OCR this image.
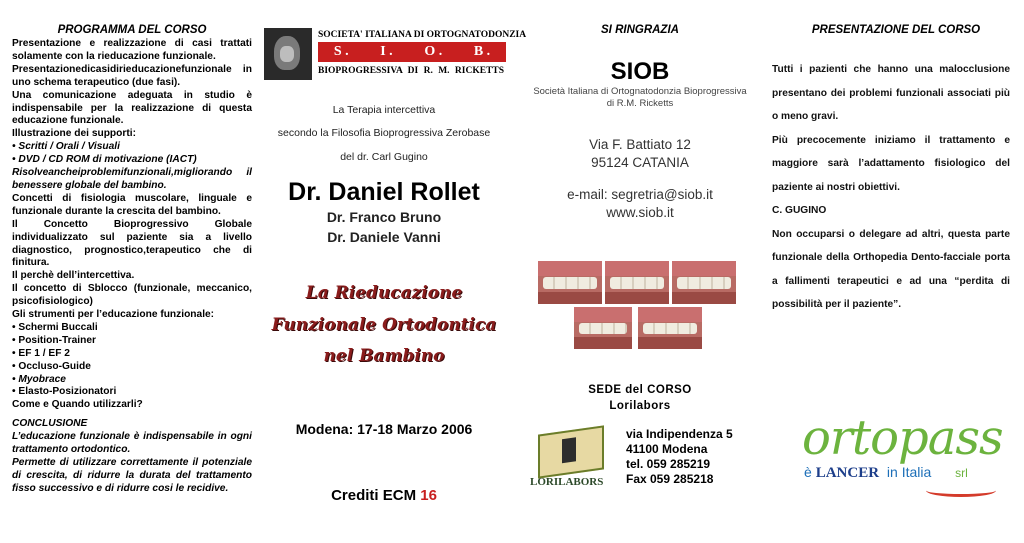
PROGRAMMA DEL CORSO

Presentazione e realizzazione di casi trattati solamente con la rieducazione funzionale.

Presentazionedicasidirieducazionefunzionale in uno schema terapeutico (due fasi).

Una comunicazione adeguata in studio è indispensabile per la realizzazione di questa educazione funzionale.

Illustrazione dei supporti:

• Scritti / Orali / Visuali

• DVD / CD ROM di motivazione (IACT)

Risolveancheiproblemifunzionali,migliorando il benessere globale del bambino.

Concetti di fisiologia muscolare, linguale e funzionale durante la crescita del bambino.

Il Concetto Bioprogressivo Globale individualizzato sul paziente sia a livello diagnostico, prognostico,terapeutico che di finitura.

Il perchè dell’intercettiva.

Il concetto di Sblocco (funzionale, meccanico, psicofisiologico)

Gli strumenti per l’educazione funzionale:

• Schermi Buccali

• Position-Trainer

• EF 1 / EF 2

• Occluso-Guide

• Myobrace

• Elasto-Posizionatori

Come e Quando utilizzarli?

CONCLUSIONE

L’educazione funzionale è indispensabile in ogni trattamento ortodontico.

Permette di utilizzare correttamente il potenziale di crescita, di ridurre la durata del trattamento fisso successivo e di ridurre cosi le recidive.

SOCIETA' ITALIANA DI ORTOGNATODONZIA
S . I . O . B .
BIOPROGRESSIVA DI R. M. RICKETTS
La Terapia intercettiva
secondo la Filosofia Bioprogressiva Zerobase
del dr. Carl Gugino
Dr. Daniel Rollet
Dr. Franco Bruno
Dr. Daniele Vanni
La Rieducazione
Funzionale Ortodontica
nel Bambino
Modena: 17-18 Marzo 2006
Crediti ECM 16
SI RINGRAZIA
SIOB
Società Italiana di Ortognatodonzia Bioprogressiva
di R.M. Ricketts
Via F. Battiato 12
95124 CATANIA
e-mail: segretria@siob.it
www.siob.it
SEDE del CORSO
Lorilabors
LORILABORS
via Indipendenza 5
41100 Modena
tel. 059 285219
Fax 059 285218
PRESENTAZIONE DEL CORSO

Tutti i pazienti che hanno una malocclusione presentano dei problemi funzionali associati più o meno gravi.

Più precocemente iniziamo il trattamento e maggiore sarà l’adattamento fisiologico del paziente ai nostri obiettivi.

C. GUGINO

Non occuparsi o delegare ad altri, questa parte funzionale della Orthopedia Dento-facciale porta a fallimenti terapeutici e ad una “perdita di possibilità per il paziente”.

ortopass
è LANCER in Italia srl
